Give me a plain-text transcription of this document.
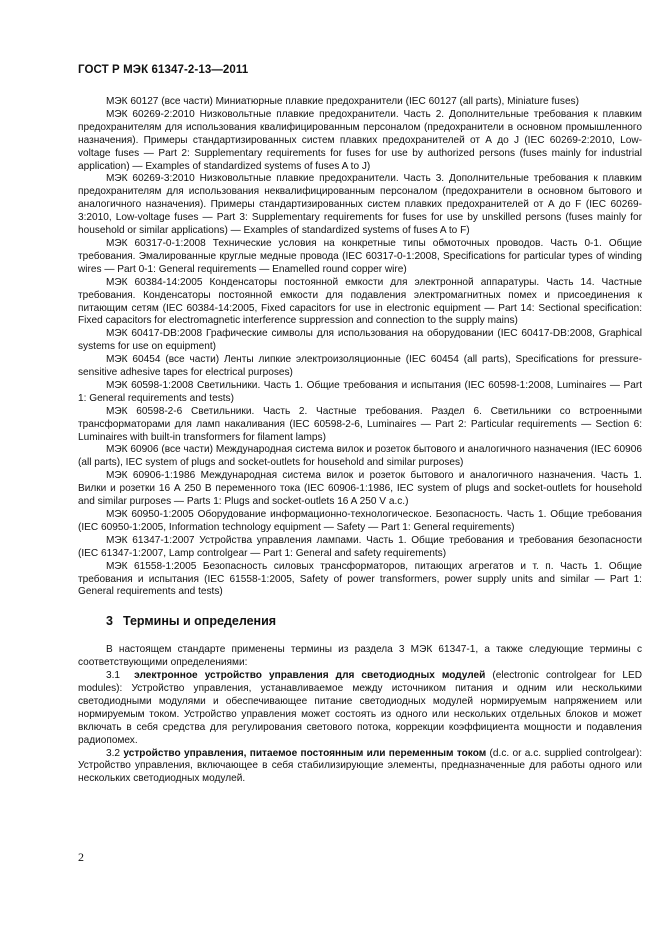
ГОСТ Р МЭК 61347-2-13—2011

МЭК 60127 (все части) Миниатюрные плавкие предохранители (IEC 60127 (all parts), Miniature fuses)

МЭК 60269-2:2010 Низковольтные плавкие предохранители. Часть 2. Дополнительные требования к плавким предохранителям для использования квалифицированным персоналом (предохранители в основном промышленного назначения). Примеры стандартизированных систем плавких предохранителей от А до J (IEC 60269-2:2010, Low-voltage fuses — Part 2: Supplementary requirements for fuses for use by authorized persons (fuses mainly for industrial application) — Examples of standardized systems of fuses A to J)

МЭК 60269-3:2010 Низковольтные плавкие предохранители. Часть 3. Дополнительные требования к плавким предохранителям для использования неквалифицированным персоналом (предохранители в основном бытового и аналогичного назначения). Примеры стандартизированных систем плавких предохранителей от А до F (IEC 60269-3:2010, Low-voltage fuses — Part 3: Supplementary requirements for fuses for use by unskilled persons (fuses mainly for household or similar applications) — Examples of standardized systems of fuses A to F)

МЭК 60317-0-1:2008 Технические условия на конкретные типы обмоточных проводов. Часть 0-1. Общие требования. Эмалированные круглые медные провода (IEC 60317-0-1:2008, Specifications for particular types of winding wires — Part 0-1: General requirements — Enamelled round copper wire)

МЭК 60384-14:2005 Конденсаторы постоянной емкости для электронной аппаратуры. Часть 14. Частные требования. Конденсаторы постоянной емкости для подавления электромагнитных помех и присоединения к питающим сетям (IEC 60384-14:2005, Fixed capacitors for use in electronic equipment — Part 14: Sectional specification: Fixed capacitors for electromagnetic interference suppression and connection to the supply mains)

МЭК 60417-DB:2008 Графические символы для использования на оборудовании (IEC 60417-DB:2008, Graphical systems for use on equipment)

МЭК 60454 (все части) Ленты липкие электроизоляционные (IEC 60454 (all parts), Specifications for pressure-sensitive adhesive tapes for electrical purposes)

МЭК 60598-1:2008 Светильники. Часть 1. Общие требования и испытания (IEC 60598-1:2008, Luminaires — Part 1: General requirements and tests)

МЭК 60598-2-6 Светильники. Часть 2. Частные требования. Раздел 6. Светильники со встроенными трансформаторами для ламп накаливания (IEC 60598-2-6, Luminaires — Part 2: Particular requirements — Section 6: Luminaires with built-in transformers for filament lamps)

МЭК 60906 (все части) Международная система вилок и розеток бытового и аналогичного назначения (IEC 60906 (all parts), IEC system of plugs and socket-outlets for household and similar purposes)

МЭК 60906-1:1986 Международная система вилок и розеток бытового и аналогичного назначения. Часть 1. Вилки и розетки 16 А 250 В переменного тока (IEC 60906-1:1986, IEC system of plugs and socket-outlets for household and similar purposes — Parts 1: Plugs and socket-outlets 16 A 250 V a.c.)

МЭК 60950-1:2005 Оборудование информационно-технологическое. Безопасность. Часть 1. Общие требования (IEC 60950-1:2005, Information technology equipment — Safety — Part 1: General requirements)

МЭК 61347-1:2007 Устройства управления лампами. Часть 1. Общие требования и требования безопасности (IEC 61347-1:2007, Lamp controlgear — Part 1: General and safety requirements)

МЭК 61558-1:2005 Безопасность силовых трансформаторов, питающих агрегатов и т. п. Часть 1. Общие требования и испытания (IEC 61558-1:2005, Safety of power transformers, power supply units and similar — Part 1: General requirements and tests)

3 Термины и определения

В настоящем стандарте применены термины из раздела 3 МЭК 61347-1, а также следующие термины с соответствующими определениями:

3.1 электронное устройство управления для светодиодных модулей (electronic controlgear for LED modules): Устройство управления, устанавливаемое между источником питания и одним или несколькими светодиодными модулями и обеспечивающее питание светодиодных модулей нормируемым напряжением или нормируемым током. Устройство управления может состоять из одного или нескольких отдельных блоков и может включать в себя средства для регулирования светового потока, коррекции коэффициента мощности и подавления радиопомех.

3.2 устройство управления, питаемое постоянным или переменным током (d.c. or a.c. supplied controlgear): Устройство управления, включающее в себя стабилизирующие элементы, предназначенные для работы одного или нескольких светодиодных модулей.

2
